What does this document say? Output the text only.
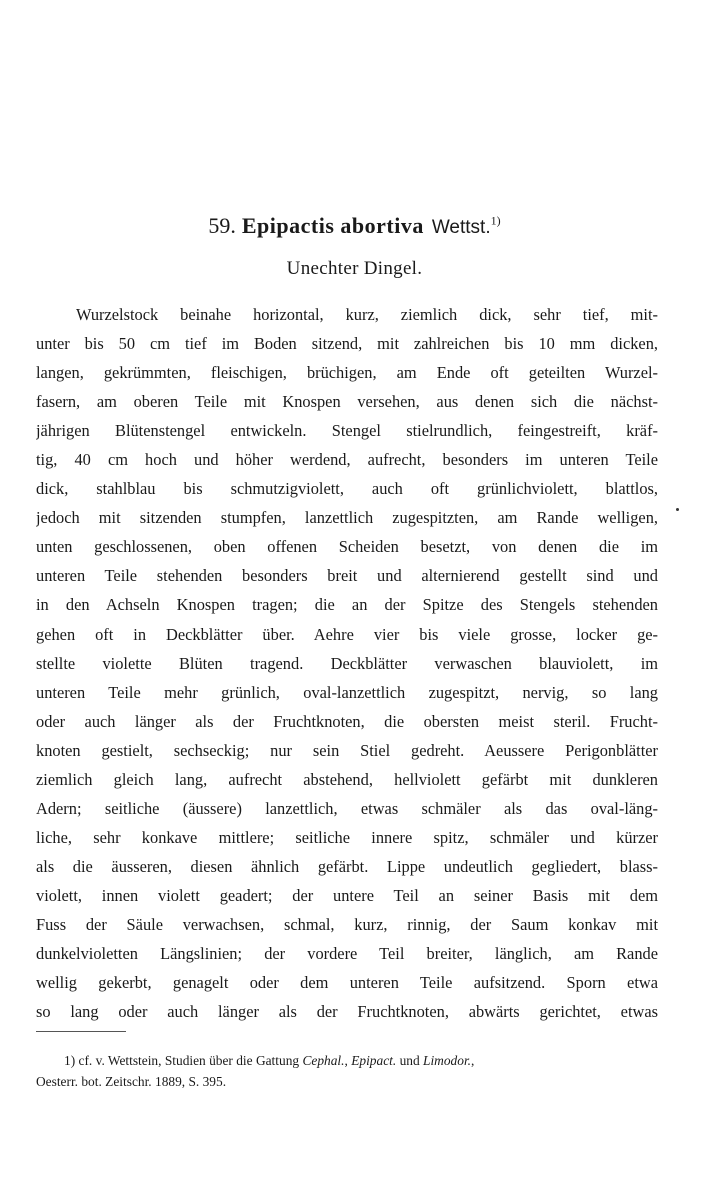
59. Epipactis abortiva Wettst.$^{1)}$
Unechter Dingel.
Wurzelstock beinahe horizontal, kurz, ziemlich dick, sehr tief, mit-
unter bis 50 cm tief im Boden sitzend, mit zahlreichen bis 10 mm dicken,
langen, gekrümmten, fleischigen, brüchigen, am Ende oft geteilten Wurzel-
fasern, am oberen Teile mit Knospen versehen, aus denen sich die nächst-
jährigen Blütenstengel entwickeln. Stengel stielrundlich, feingestreift, kräf-
tig, 40 cm hoch und höher werdend, aufrecht, besonders im unteren Teile
dick, stahlblau bis schmutzigviolett, auch oft grünlichviolett, blattlos,
jedoch mit sitzenden stumpfen, lanzettlich zugespitzten, am Rande welligen,
unten geschlossenen, oben offenen Scheiden besetzt, von denen die im
unteren Teile stehenden besonders breit und alternierend gestellt sind und
in den Achseln Knospen tragen; die an der Spitze des Stengels stehenden
gehen oft in Deckblätter über. Aehre vier bis viele grosse, locker ge-
stellte violette Blüten tragend. Deckblätter verwaschen blauviolett, im
unteren Teile mehr grünlich, oval-lanzettlich zugespitzt, nervig, so lang
oder auch länger als der Fruchtknoten, die obersten meist steril. Frucht-
knoten gestielt, sechseckig; nur sein Stiel gedreht. Aeussere Perigonblätter
ziemlich gleich lang, aufrecht abstehend, hellviolett gefärbt mit dunkleren
Adern; seitliche (äussere) lanzettlich, etwas schmäler als das oval-läng-
liche, sehr konkave mittlere; seitliche innere spitz, schmäler und kürzer
als die äusseren, diesen ähnlich gefärbt. Lippe undeutlich gegliedert, blass-
violett, innen violett geadert; der untere Teil an seiner Basis mit dem
Fuss der Säule verwachsen, schmal, kurz, rinnig, der Saum konkav mit
dunkelvioletten Längslinien; der vordere Teil breiter, länglich, am Rande
wellig gekerbt, genagelt oder dem unteren Teile aufsitzend. Sporn etwa
so lang oder auch länger als der Fruchtknoten, abwärts gerichtet, etwas
1) cf. v. Wettstein, Studien über die Gattung Cephal., Epipact. und Limodor.,
Oesterr. bot. Zeitschr. 1889, S. 395.
